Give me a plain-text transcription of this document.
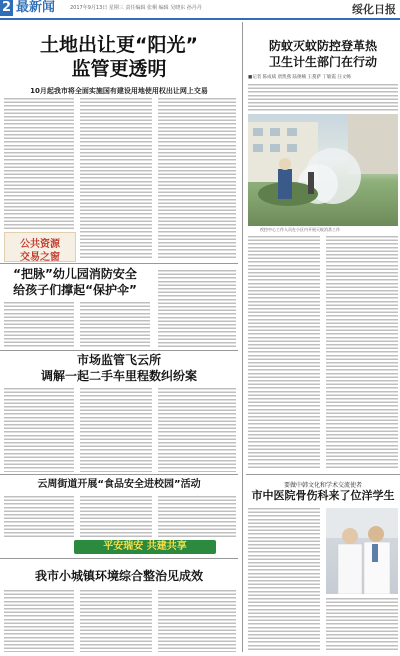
2 最新闻	2017年9月13日 星期三 责任编辑 张桐 编辑 吴晓东 孙丹丹	绥化日报
土地出让更“阳光”
监管更透明
10月起我市将全面实施国有建设用地使用权出让网上交易
公共资源
交易之窗
“把脉”幼儿园消防安全
给孩子们撑起“保护伞”
市场监管飞云所
调解一起二手车里程数纠纷案
云周街道开展“食品安全进校园”活动
平安瑞安 共建共享
我市小城镇环境综合整治见成效
防蚊灭蚊防控登革热
卫生计生部门在行动
■记者 陈成斌 唐凯燕 陆俊楠 王蔓萨 丁敏霞 汪文畅
疾控中心工作人员在小区内开展灭蚊消杀工作
要做中韩文化和学术交流使者
市中医院骨伤科来了位洋学生
